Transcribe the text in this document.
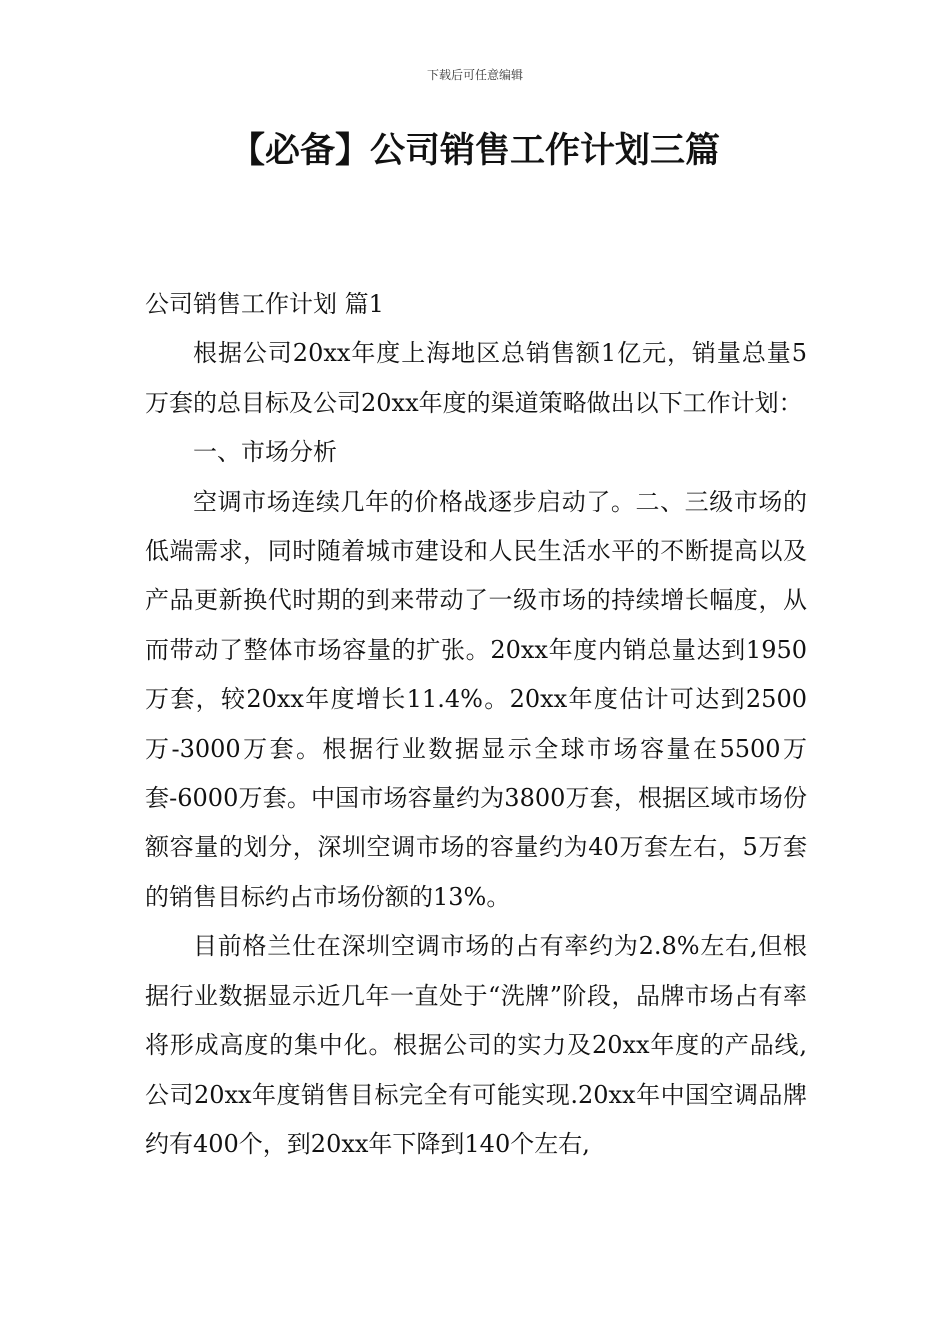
下载后可任意编辑
【必备】公司销售工作计划三篇

公司销售工作计划 篇1

根据公司20xx年度上海地区总销售额1亿元，销量总量5万套的总目标及公司20xx年度的渠道策略做出以下工作计划：

一、市场分析

空调市场连续几年的价格战逐步启动了。二、三级市场的低端需求，同时随着城市建设和人民生活水平的不断提高以及产品更新换代时期的到来带动了一级市场的持续增长幅度，从而带动了整体市场容量的扩张。20xx年度内销总量达到1950万套，较20xx年度增长11.4%。20xx年度估计可达到2500万-3000万套。根据行业数据显示全球市场容量在5500万套-6000万套。中国市场容量约为3800万套，根据区域市场份额容量的划分，深圳空调市场的容量约为40万套左右，5万套的销售目标约占市场份额的13%。

目前格兰仕在深圳空调市场的占有率约为2.8%左右,但根据行业数据显示近几年一直处于“洗牌”阶段，品牌市场占有率将形成高度的集中化。根据公司的实力及20xx年度的产品线,公司20xx年度销售目标完全有可能实现.20xx年中国空调品牌约有400个，到20xx年下降到140个左右,
